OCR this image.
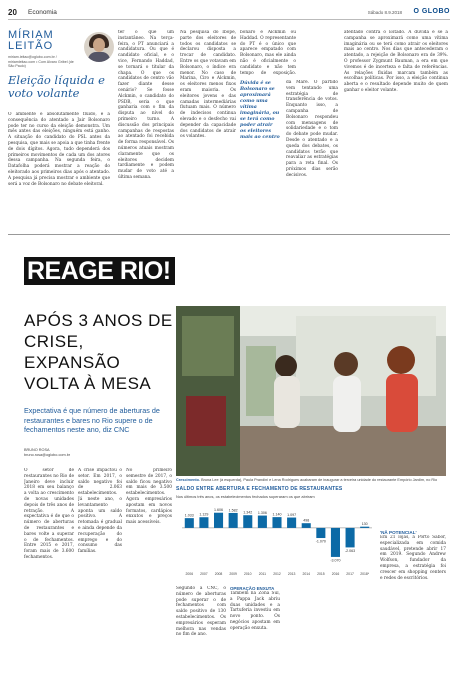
20 Economia	Sábado 8.9.2018 O GLOBO
MÍRIAM
LEITÃO
miriam.leitao@oglobo.com.br / miriamleitao.com • Com Alvaro Gribel (de São Paulo)
Eleição líquida e voto volante
O ambiente é absolutamente fluido, e a consequência do atentado a Jair Bolsonaro pode ter no curso da eleição demonstra. Um mês antes das eleições, ninguém está ganho. A situação do candidato do PSL antes da pesquisa, que mais se apoia a que tinha frente de dois dígitos. Agora, tudo dependerá dos primeiros movimentos de cada um dos atores dessa campanha. Na segunda feira, o Datafolha poderá mostrar a reação do eleitorado aos primeiros dias após o atentado. A pesquisa já precisa mostrar o ambiente que será a voz de Bolsonaro no debate eleitoral.
ter o que um instantâneo. Na terça-feira, o PT anunciará a candidatura. Ou que é candidato oficial, e o vice, Fernando Haddad, se tornará o titular da chapa. O que os candidatos de centro vão fazer diante desse cenário? Se fosse Alckmin, o candidato do PSDB, seria o que ganharia com o fim da disputa ao nível do primeiro turno. A discussão dos principais campanhas de respostas ao atentado foi recebida de forma responsável. Os números atuais mostram claramente que os eleitores decidem tardiamente e podem mudar de voto até a última semana.
Na pesquisa do Ibope, parte dos eleitores de todos os candidatos se declarou disposta a trocar de candidato. Entre os que votavam em Bolsonaro, o índice era menor. No caso de Marina, Ciro e Alckmin, os eleitores menos fixos eram maioria. Os eleitores jovens e das camadas intermediárias flutuam mais. O número de indecisos continua elevado e o desfecho vai depender da capacidade dos candidatos de atrair os volantes.
bonaro e Alckmin ou Haddad. O representante do PT é o único que aparece empatado com Bolsonaro, mas ele ainda não é oficialmente o candidato e não tem tempo de exposição.
Dúvida é se Bolsonaro se aproximará como uma vítima imaginária, ou se terá como poder atrair os eleitores mais ao centro
da Maré. O partido vem tentando uma estratégia de transferência de votos. Enquanto isso, a campanha de Bolsonaro respondeu com mensagens de solidariedade e o tom do debate pode mudar. Desde o atentado e a queda dos debates, os candidatos terão que reavaliar as estratégias para a reta final. Os próximos dias serão decisivos.
atentado contra o Estado. A dúvida é se a campanha se aproximará como uma vítima imaginária ou se terá como atrair os eleitores mais ao centro. Nos dias que antecederam o atentado, a rejeição de Bolsonaro era de 39%. O professor Zygmunt Bauman, a era em que vivemos é de incerteza e falta de referências. As relações fluidas marcam também as escolhas políticas. Por isso, a eleição continua aberta e o resultado depende muito de quem ganhar o eleitor volante.
REAGE RIO!
APÓS 3 ANOS DE CRISE, EXPANSÃO VOLTA À MESA
Expectativa é que número de aberturas de restaurantes e bares no Rio supere o de fechamentos neste ano, diz CNC
BRUNO ROSA bruno.rosa@oglobo.com.br
O setor de restaurantes no Rio de Janeiro deve incluir 2018 em seu balanço a volta ao crescimento de novas unidades depois de três anos de retração. A expectativa é de que o número de aberturas de restaurantes e bares volte a superar o de fechamentos. Entre 2015 e 2017, foram mais de 3.600 fechamentos.
A crise impactou o setor. Em 2017, o saldo negativo foi de 2.063 estabelecimentos. Já neste ano, o levantamento aponta um saldo positivo. A retomada é gradual e ainda depende da recuperação do emprego e do consumo das famílias.
No primeiro semestre de 2017, o saldo ficou negativo em mais de 3.500 estabelecimentos. Agora empresários apostam em novos formatos, cardápios enxutos e preços mais acessíveis.
Crescimento. Bruna Lee (à esquerda), Paula Prandini e Lena Rodrigues acabaram de inaugurar a terceira unidade do restaurante Empório Jardim, no Rio
SALDO ENTRE ABERTURA E FECHAMENTO DE RESTAURANTES
Nos últimos três anos, os estabelecimentos fechados superaram os que abriram
1.033
2006
1.129
2007
1.606
2008
1.582
2009
1.342
2010
1.306
2011
1.140
2012
1.097
2013
498
2014
-1.070
2015
-3.070
2016
-2.063
2017
130
2018*
Segundo a CNC, o número de aberturas pode superar o de fechamentos com saldo positivo de 130 estabelecimentos. Os empresários esperam melhora nas vendas no fim de ano.
OPERAÇÃO ENXUTA
Também na Zona Sul, a Pappa Jack abriu duas unidades e a Tartuferia investiu em novo ponto. Os negócios apostam em operação enxuta.
'NÃ POTENCIAL'
Em 21 lojas, a Porto Sabor, especializada em comida saudável, pretende abrir 17 em 2019. Segundo Andrew Wolfson, fundador da empresa, a estratégia foi crescer em shopping centers e redes de escritórios.
